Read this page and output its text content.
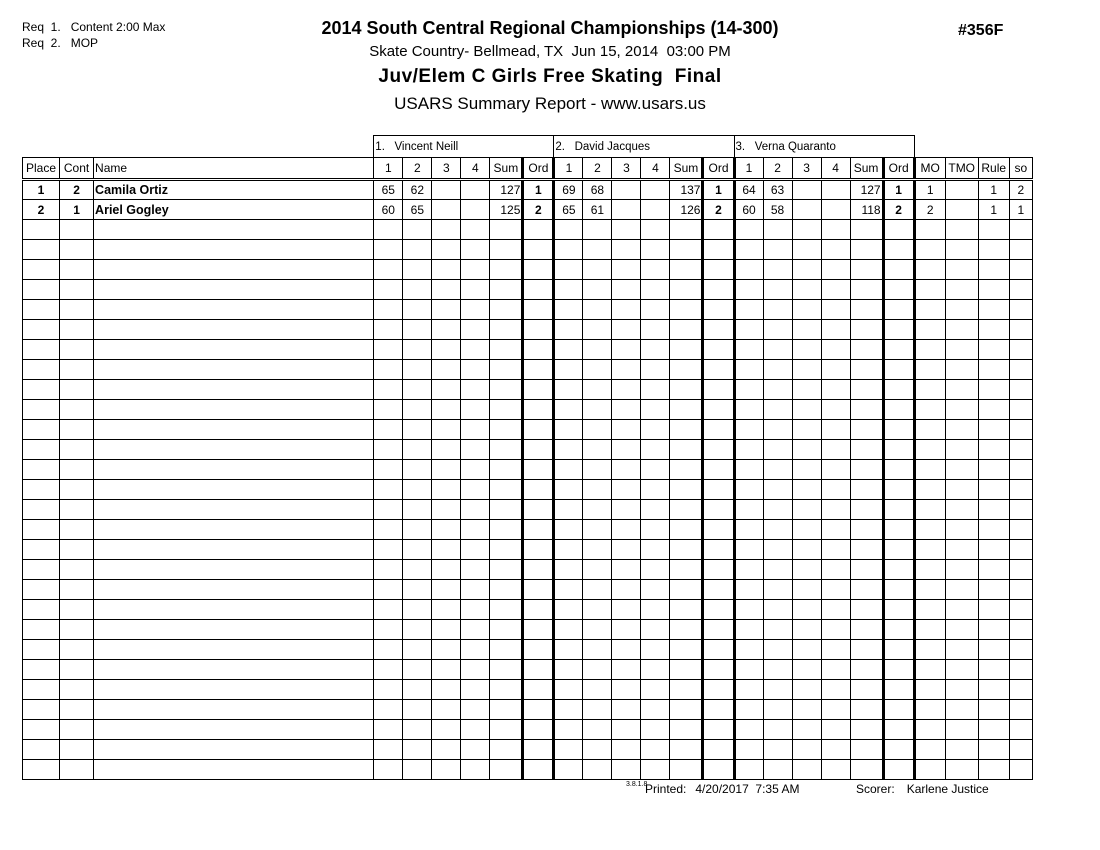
Req  1.   Content 2:00 Max
Req  2.   MOP
2014 South Central Regional Championships (14-300)
Skate Country- Bellmead, TX  Jun 15, 2014  03:00 PM
Juv/Elem C Girls Free Skating  Final
USARS Summary Report - www.usars.us
#356F
			1.   Vincent Neill						2.   David Jacques						3.   Verna Quaranto									
Place	Cont	Name	1	2	3	4	Sum	Ord	1	2	3	4	Sum	Ord	1	2	3	4	Sum	Ord	MO	TMO	Rule	so
1	2	Camila Ortiz	65	62			127	1	69	68			137	1	64	63			127	1	1		1	2
2	1	Ariel Gogley	60	65			125	2	65	61			126	2	60	58			118	2	2		1	1

3.8.1.8
Printed: 4/20/2017  7:35 AM	Scorer: Karlene Justice
